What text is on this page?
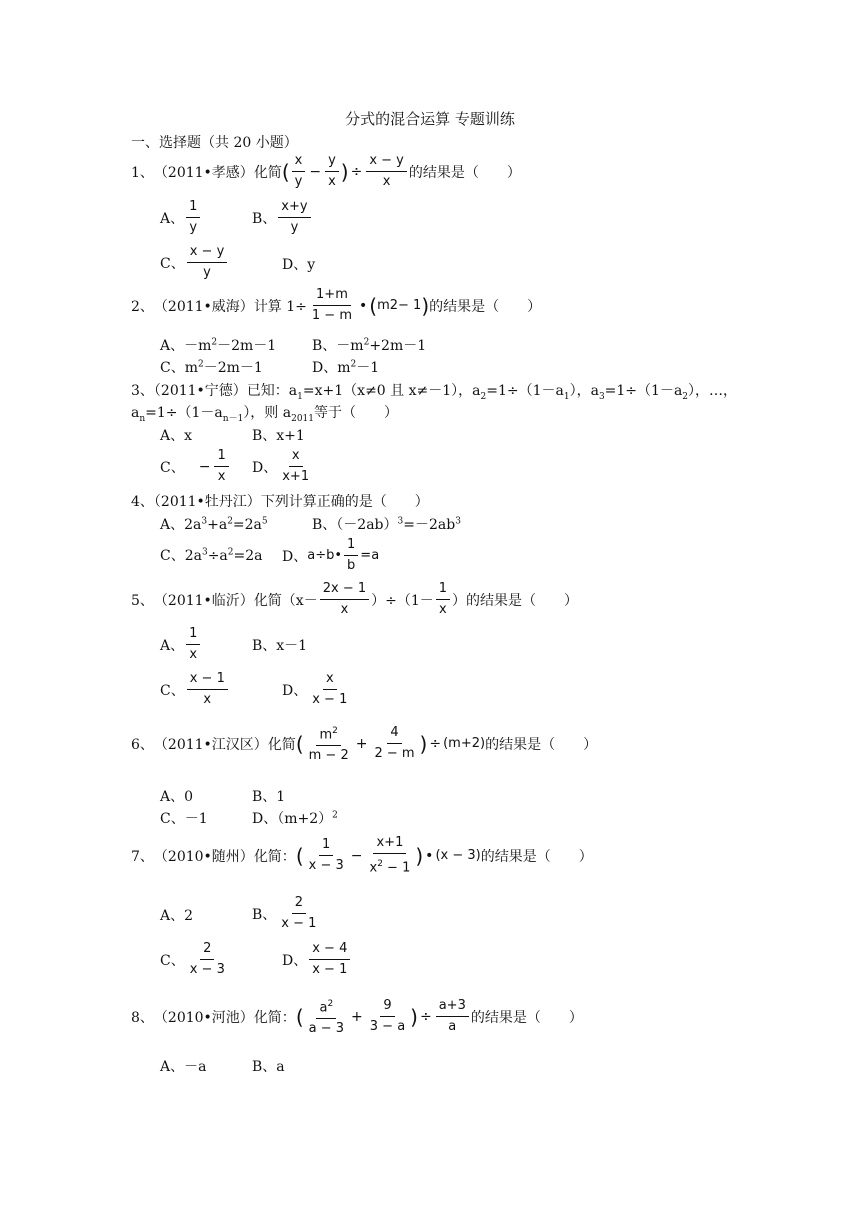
分式的混合运算 专题训练
一、选择题（共 20 小题）
1、 （2011•孝感） 化简 ( $\frac{x}{y} - \frac{y}{x}$ ) ÷ $\frac{x - y}{x}$ 的结果是（　　）
A、 $\frac{1}{y}$	B、 $\frac{x+y}{y}$
C、 $\frac{x - y}{y}$	D、y
2、 （2011•威海） 计算 $1\div \frac{1+m}{1 - m}$ • ( m 2 − 1 ) 的结果是（　　）
A、$-m^2-2m-1$	B、$-m^2+2m-1$
C、$m^2-2m-1$	D、$m^2-1$
3、（2011•宁德）已知：$a_1=x+1(x\ne 0$ 且 x≠－1），$a_2=1\div(1-a_1)$，$a_3=1\div(1-a_2)$，…，
$a_n=1\div(1-a_{n-1})$，则 $a_{2011}$等于（　　）
A、x	B、x+1
C、 − $\frac{1}{x}$ D、 $\frac{x}{x+1}$
4、（2011•牡丹江）下列计算正确的是（　　）
A、$2a^3+a^2=2a^5$	B、$(-2ab)^3=-2ab^3$
C、$2a^3\div a^2=2a$ D、 a÷b• $\frac{1}{b} =a$
5、 （2011•临沂） 化简$(x- \frac{2x - 1}{x} )\div(1- \frac{1}{x}$ ）的结果是（　　）
A、 $\frac{1}{x}$	B、x－1
C、 $\frac{x - 1}{x}$	D、 $\frac{x}{x - 1}$
6、 （2011•江汉区） 化简 ( $\frac{m^2}{m - 2} + \frac{4}{2 - m}$ ) ÷ (m+2) 的结果是（　　）
A、0	B、1
C、－1	D、$(m+2)^2$
7、 （2010•随州） 化简： ( $\frac{1}{x - 3} - \frac{x+1}{x^2 - 1}$ ) • (x − 3) 的结果是（　　）
A、2	B、 $\frac{2}{x - 1}$
C、 $\frac{2}{x - 3}$	D、 $\frac{x - 4}{x - 1}$
8、 （2010•河池） 化简： ( $\frac{a^2}{a - 3} + \frac{9}{3 - a}$ ) ÷ $\frac{a+3}{a}$ 的结果是（　　）
A、－a	B、a
